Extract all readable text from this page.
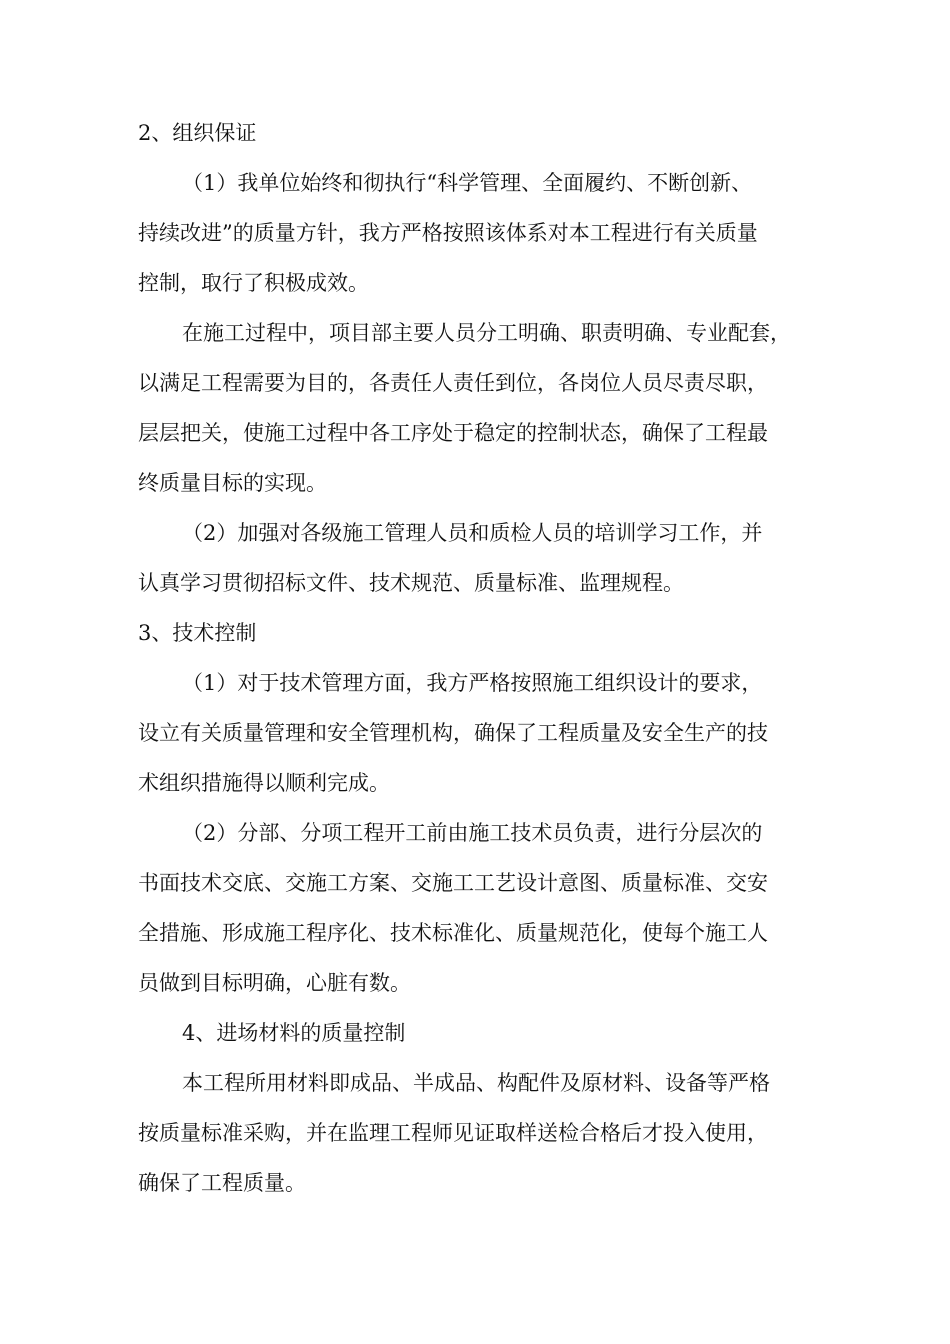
2、组织保证
（1）我单位始终和彻执行“科学管理、全面履约、不断创新、
持续改进”的质量方针，我方严格按照该体系对本工程进行有关质量
控制，取行了积极成效。
在施工过程中，项目部主要人员分工明确、职责明确、专业配套，
以满足工程需要为目的，各责任人责任到位，各岗位人员尽责尽职，
层层把关，使施工过程中各工序处于稳定的控制状态，确保了工程最
终质量目标的实现。
（2）加强对各级施工管理人员和质检人员的培训学习工作，并
认真学习贯彻招标文件、技术规范、质量标准、监理规程。
3、技术控制
（1）对于技术管理方面，我方严格按照施工组织设计的要求，
设立有关质量管理和安全管理机构，确保了工程质量及安全生产的技
术组织措施得以顺利完成。
（2）分部、分项工程开工前由施工技术员负责，进行分层次的
书面技术交底、交施工方案、交施工工艺设计意图、质量标准、交安
全措施、形成施工程序化、技术标准化、质量规范化，使每个施工人
员做到目标明确，心脏有数。
4、进场材料的质量控制
本工程所用材料即成品、半成品、构配件及原材料、设备等严格
按质量标准采购，并在监理工程师见证取样送检合格后才投入使用，
确保了工程质量。
